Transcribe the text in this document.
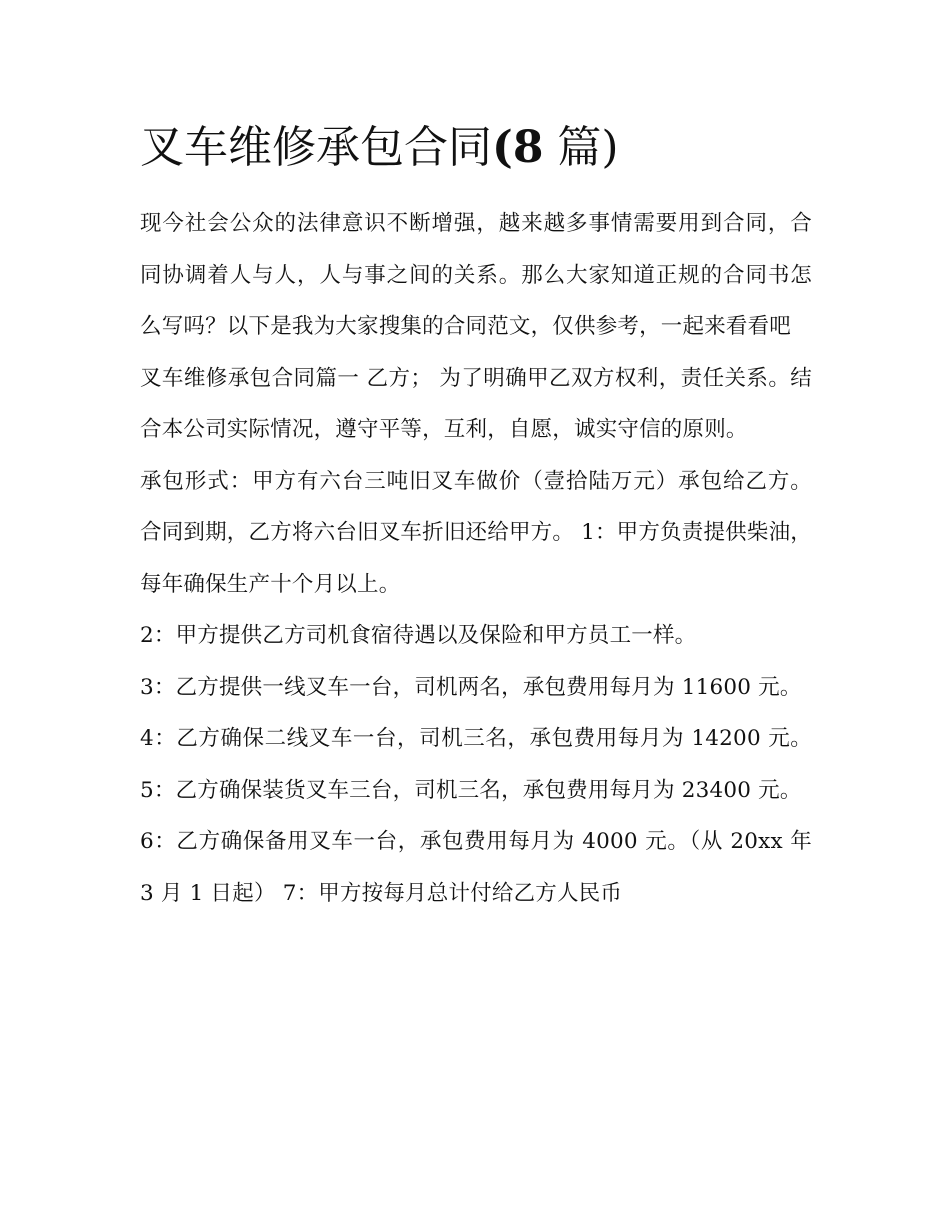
叉车维修承包合同(8 篇)

现今社会公众的法律意识不断增强，越来越多事情需要用到合同，合同协调着人与人，人与事之间的关系。那么大家知道正规的合同书怎么写吗？以下是我为大家搜集的合同范文，仅供参考，一起来看看吧

叉车维修承包合同篇一 乙方； 为了明确甲乙双方权利，责任关系。结合本公司实际情况，遵守平等，互利，自愿，诚实守信的原则。

承包形式：甲方有六台三吨旧叉车做价（壹拾陆万元）承包给乙方。合同到期，乙方将六台旧叉车折旧还给甲方。 1：甲方负责提供柴油，每年确保生产十个月以上。

2：甲方提供乙方司机食宿待遇以及保险和甲方员工一样。

3：乙方提供一线叉车一台，司机两名，承包费用每月为 11600 元。

4：乙方确保二线叉车一台，司机三名，承包费用每月为 14200 元。 5：乙方确保装货叉车三台，司机三名，承包费用每月为 23400 元。

6：乙方确保备用叉车一台，承包费用每月为 4000 元。（从 20xx 年 3 月 1 日起） 7：甲方按每月总计付给乙方人民币
